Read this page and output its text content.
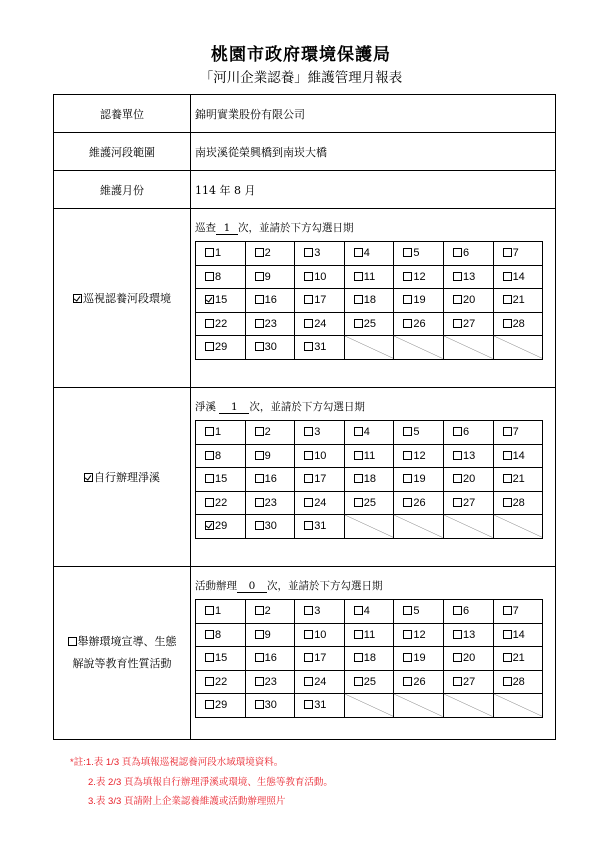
桃園市政府環境保護局
「河川企業認養」維護管理月報表
認養單位	錦明實業股份有限公司
維護河段範圍	南崁溪從榮興橋到南崁大橋
維護月份	114 年 8 月
巡視認養河段環境
巡查 1 次，並請於下方勾選日期
1	2	3	4	5	6	7
8	9	10	11	12	13	14
15	16	17	18	19	20	21
22	23	24	25	26	27	28
29	30	31	

自行辦理淨溪
淨溪 1 次，並請於下方勾選日期
1	2	3	4	5	6	7
8	9	10	11	12	13	14
15	16	17	18	19	20	21
22	23	24	25	26	27	28
29	30	31	

舉辦環境宣導、生態
解說等教育性質活動
活動辦理 0 次，並請於下方勾選日期
1	2	3	4	5	6	7
8	9	10	11	12	13	14
15	16	17	18	19	20	21
22	23	24	25	26	27	28
29	30	31	

*註:1.表 1/3 頁為填報巡視認養河段水域環境資料。
2.表 2/3 頁為填報自行辦理淨溪或環境、生態等教育活動。
3.表 3/3 頁請附上企業認養維護或活動辦理照片
